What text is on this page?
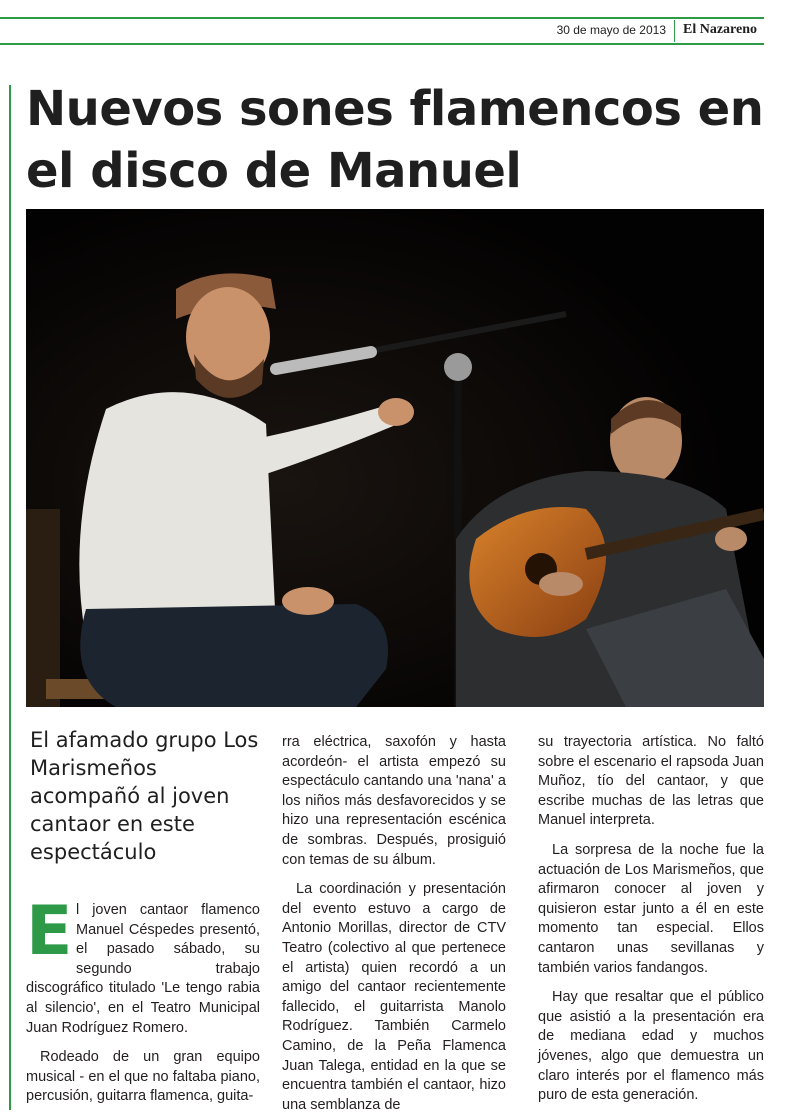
30 de mayo de 2013 El Nazareno
Nuevos sones flamencos en el disco de Manuel
El afamado grupo Los Marismeños acompañó al joven cantaor en este espectáculo

El joven cantaor flamenco Manuel Céspedes presentó, el pasado sábado, su segundo trabajo discográfico titulado 'Le tengo rabia al silencio', en el Teatro Municipal Juan Rodríguez Romero.

Rodeado de un gran equipo musical - en el que no faltaba piano, percusión, guitarra flamenca, guita-

rra eléctrica, saxofón y hasta acordeón- el artista empezó su espectáculo cantando una 'nana' a los niños más desfavorecidos y se hizo una representación escénica de sombras. Después, prosiguió con temas de su álbum.

La coordinación y presentación del evento estuvo a cargo de Antonio Morillas, director de CTV Teatro (colectivo al que pertenece el artista) quien recordó a un amigo del cantaor recientemente fallecido, el guitarrista Manolo Rodríguez. También Carmelo Camino, de la Peña Flamenca Juan Talega, entidad en la que se encuentra también el cantaor, hizo una semblanza de

su trayectoria artística. No faltó sobre el escenario el rapsoda Juan Muñoz, tío del cantaor, y que escribe muchas de las letras que Manuel interpreta.

La sorpresa de la noche fue la actuación de Los Marismeños, que afirmaron conocer al joven y quisieron estar junto a él en este momento tan especial. Ellos cantaron unas sevillanas y también varios fandangos.

Hay que resaltar que el público que asistió a la presentación era de mediana edad y muchos jóvenes, algo que demuestra un claro interés por el flamenco más puro de esta generación.
